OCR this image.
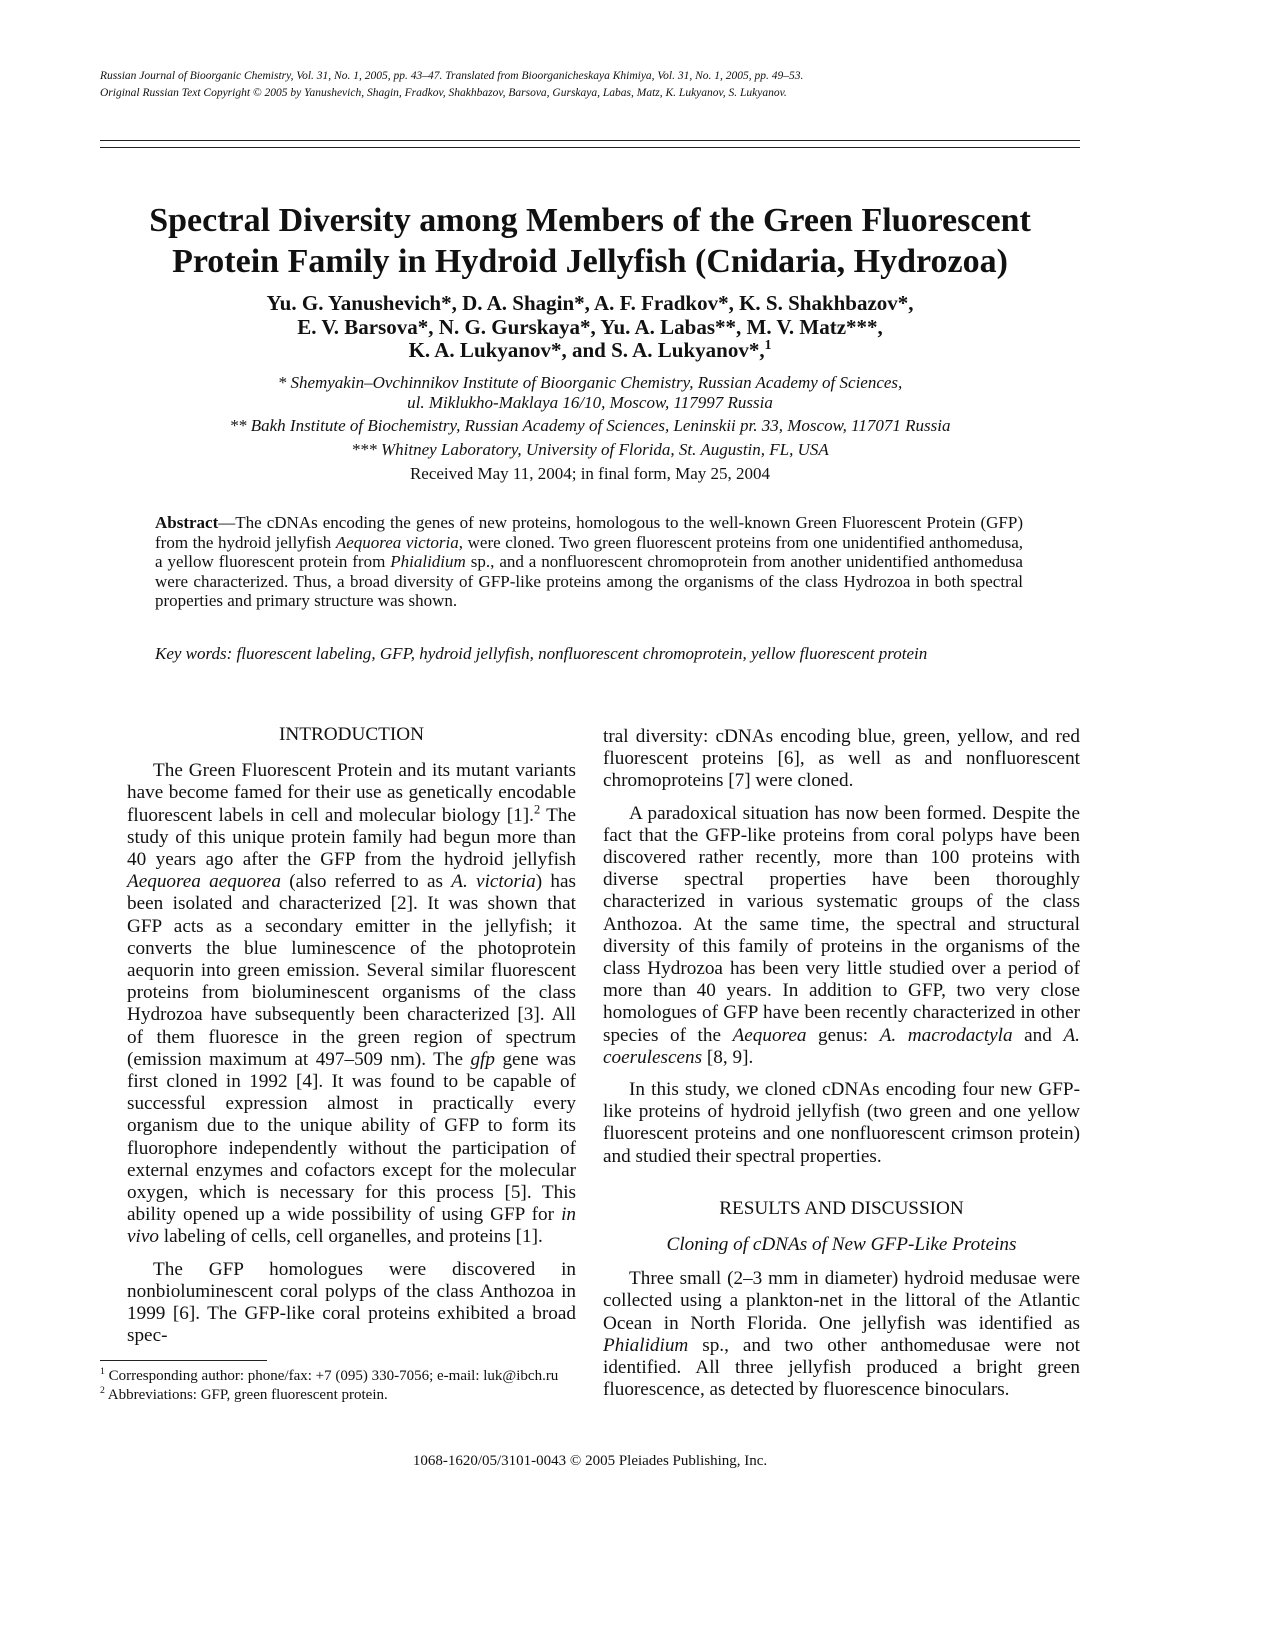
Russian Journal of Bioorganic Chemistry, Vol. 31, No. 1, 2005, pp. 43–47. Translated from Bioorganicheskaya Khimiya, Vol. 31, No. 1, 2005, pp. 49–53.
Original Russian Text Copyright © 2005 by Yanushevich, Shagin, Fradkov, Shakhbazov, Barsova, Gurskaya, Labas, Matz, K. Lukyanov, S. Lukyanov.
Spectral Diversity among Members of the Green Fluorescent
Protein Family in Hydroid Jellyfish (Cnidaria, Hydrozoa)
Yu. G. Yanushevich*, D. A. Shagin*, A. F. Fradkov*, K. S. Shakhbazov*,
E. V. Barsova*, N. G. Gurskaya*, Yu. A. Labas**, M. V. Matz***,
K. A. Lukyanov*, and S. A. Lukyanov*,$^1$
* Shemyakin–Ovchinnikov Institute of Bioorganic Chemistry, Russian Academy of Sciences,
ul. Miklukho-Maklaya 16/10, Moscow, 117997 Russia
** Bakh Institute of Biochemistry, Russian Academy of Sciences, Leninskii pr. 33, Moscow, 117071 Russia
*** Whitney Laboratory, University of Florida, St. Augustin, FL, USA
Received May 11, 2004; in final form, May 25, 2004
Abstract—The cDNAs encoding the genes of new proteins, homologous to the well-known Green Fluorescent Protein (GFP) from the hydroid jellyfish Aequorea victoria, were cloned. Two green fluorescent proteins from one unidentified anthomedusa, a yellow fluorescent protein from Phialidium sp., and a nonfluorescent chromoprotein from another unidentified anthomedusa were characterized. Thus, a broad diversity of GFP-like proteins among the organisms of the class Hydrozoa in both spectral properties and primary structure was shown.
Key words: fluorescent labeling, GFP, hydroid jellyfish, nonfluorescent chromoprotein, yellow fluorescent protein
INTRODUCTION

The Green Fluorescent Protein and its mutant variants have become famed for their use as genetically encodable fluorescent labels in cell and molecular biology [1].$^2$ The study of this unique protein family had begun more than 40 years ago after the GFP from the hydroid jellyfish Aequorea aequorea (also referred to as A. victoria) has been isolated and characterized [2]. It was shown that GFP acts as a secondary emitter in the jellyfish; it converts the blue luminescence of the photoprotein aequorin into green emission. Several similar fluorescent proteins from bioluminescent organisms of the class Hydrozoa have subsequently been characterized [3]. All of them fluoresce in the green region of spectrum (emission maximum at 497–509 nm). The gfp gene was first cloned in 1992 [4]. It was found to be capable of successful expression almost in practically every organism due to the unique ability of GFP to form its fluorophore independently without the participation of external enzymes and cofactors except for the molecular oxygen, which is necessary for this process [5]. This ability opened up a wide possibility of using GFP for in vivo labeling of cells, cell organelles, and proteins [1].

The GFP homologues were discovered in nonbioluminescent coral polyps of the class Anthozoa in 1999 [6]. The GFP-like coral proteins exhibited a broad spec-

$^1$ Corresponding author: phone/fax: +7 (095) 330-7056; e-mail: luk@ibch.ru
$^2$ Abbreviations: GFP, green fluorescent protein.

tral diversity: cDNAs encoding blue, green, yellow, and red fluorescent proteins [6], as well as and nonfluorescent chromoproteins [7] were cloned.

A paradoxical situation has now been formed. Despite the fact that the GFP-like proteins from coral polyps have been discovered rather recently, more than 100 proteins with diverse spectral properties have been thoroughly characterized in various systematic groups of the class Anthozoa. At the same time, the spectral and structural diversity of this family of proteins in the organisms of the class Hydrozoa has been very little studied over a period of more than 40 years. In addition to GFP, two very close homologues of GFP have been recently characterized in other species of the Aequorea genus: A. macrodactyla and A. coerulescens [8, 9].

In this study, we cloned cDNAs encoding four new GFP-like proteins of hydroid jellyfish (two green and one yellow fluorescent proteins and one nonfluorescent crimson protein) and studied their spectral properties.

RESULTS AND DISCUSSION
Cloning of cDNAs of New GFP-Like Proteins

Three small (2–3 mm in diameter) hydroid medusae were collected using a plankton-net in the littoral of the Atlantic Ocean in North Florida. One jellyfish was identified as Phialidium sp., and two other anthomedusae were not identified. All three jellyfish produced a bright green fluorescence, as detected by fluorescence binoculars.

1068-1620/05/3101-0043 © 2005 Pleiades Publishing, Inc.
